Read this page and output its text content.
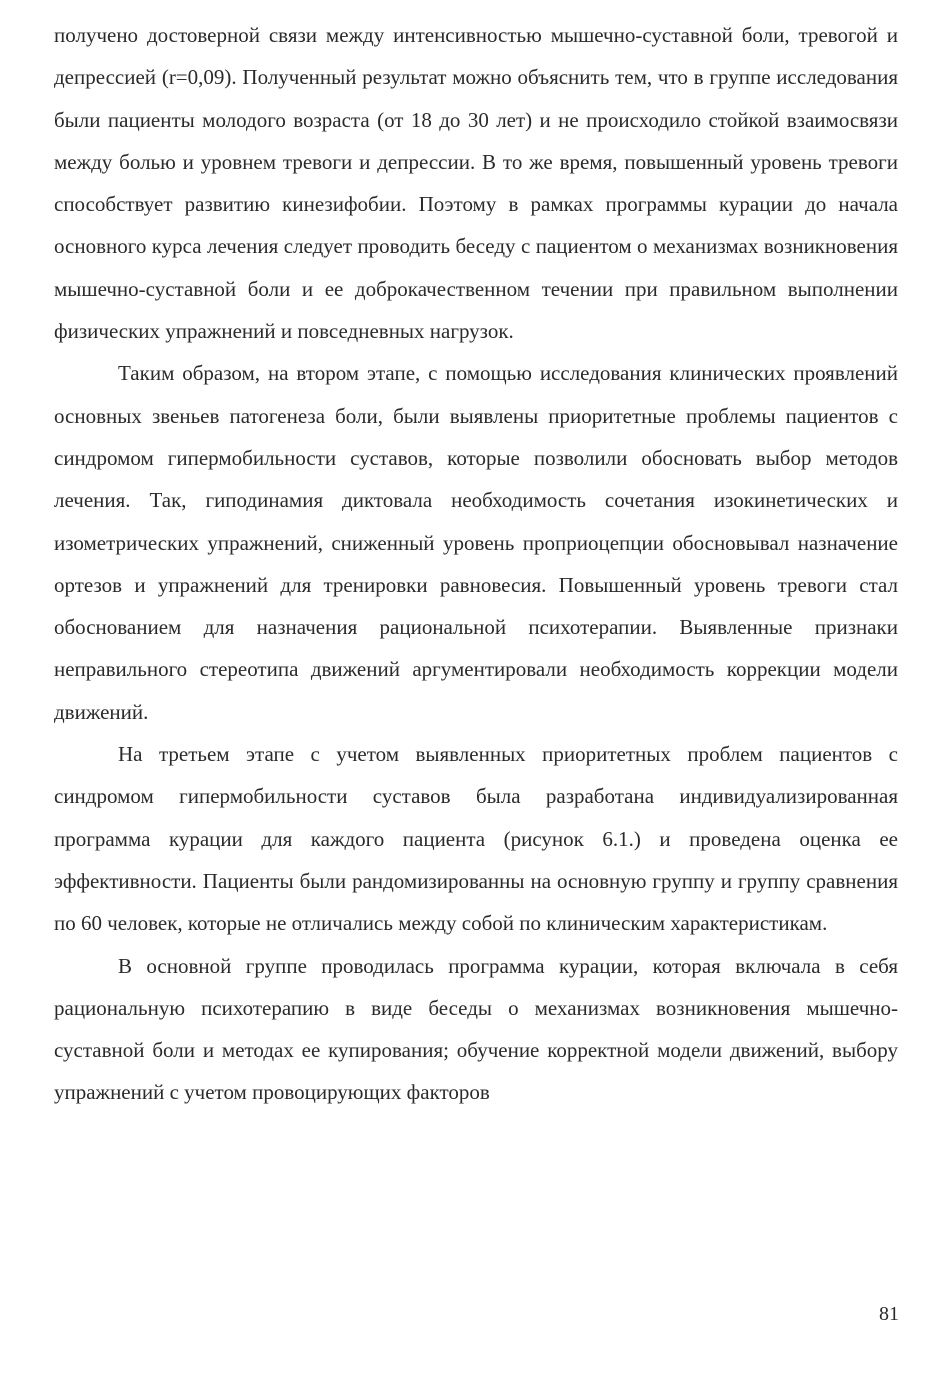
получено достоверной связи между интенсивностью мышечно-суставной боли, тревогой и депрессией (r=0,09). Полученный результат можно объяснить тем, что в группе исследования были пациенты молодого возраста (от 18 до 30 лет) и не происходило стойкой взаимосвязи между болью и уровнем тревоги и депрессии. В то же время, повышенный уровень тревоги способствует развитию кинезифобии. Поэтому в рамках программы курации до начала основного курса лечения следует проводить беседу с пациентом о механизмах возникновения мышечно-суставной боли и ее доброкачественном течении при правильном выполнении физических упражнений и повседневных нагрузок.

Таким образом, на втором этапе, с помощью исследования клинических проявлений основных звеньев патогенеза боли, были выявлены приоритетные проблемы пациентов с синдромом гипермобильности суставов, которые позволили обосновать выбор методов лечения. Так, гиподинамия диктовала необходимость сочетания изокинетических и изометрических упражнений, сниженный уровень проприоцепции обосновывал назначение ортезов и упражнений для тренировки равновесия. Повышенный уровень тревоги стал обоснованием для назначения рациональной психотерапии. Выявленные признаки неправильного стереотипа движений аргументировали необходимость коррекции модели движений.

На третьем этапе с учетом выявленных приоритетных проблем пациентов с синдромом гипермобильности суставов была разработана индивидуализированная программа курации для каждого пациента (рисунок 6.1.) и проведена оценка ее эффективности. Пациенты были рандомизированны на основную группу и группу сравнения по 60 человек, которые не отличались между собой по клиническим характеристикам.

В основной группе проводилась программа курации, которая включала в себя рациональную психотерапию в виде беседы о механизмах возникновения мышечно-суставной боли и методах ее купирования; обучение корректной модели движений, выбору упражнений с учетом провоцирующих факторов

81
